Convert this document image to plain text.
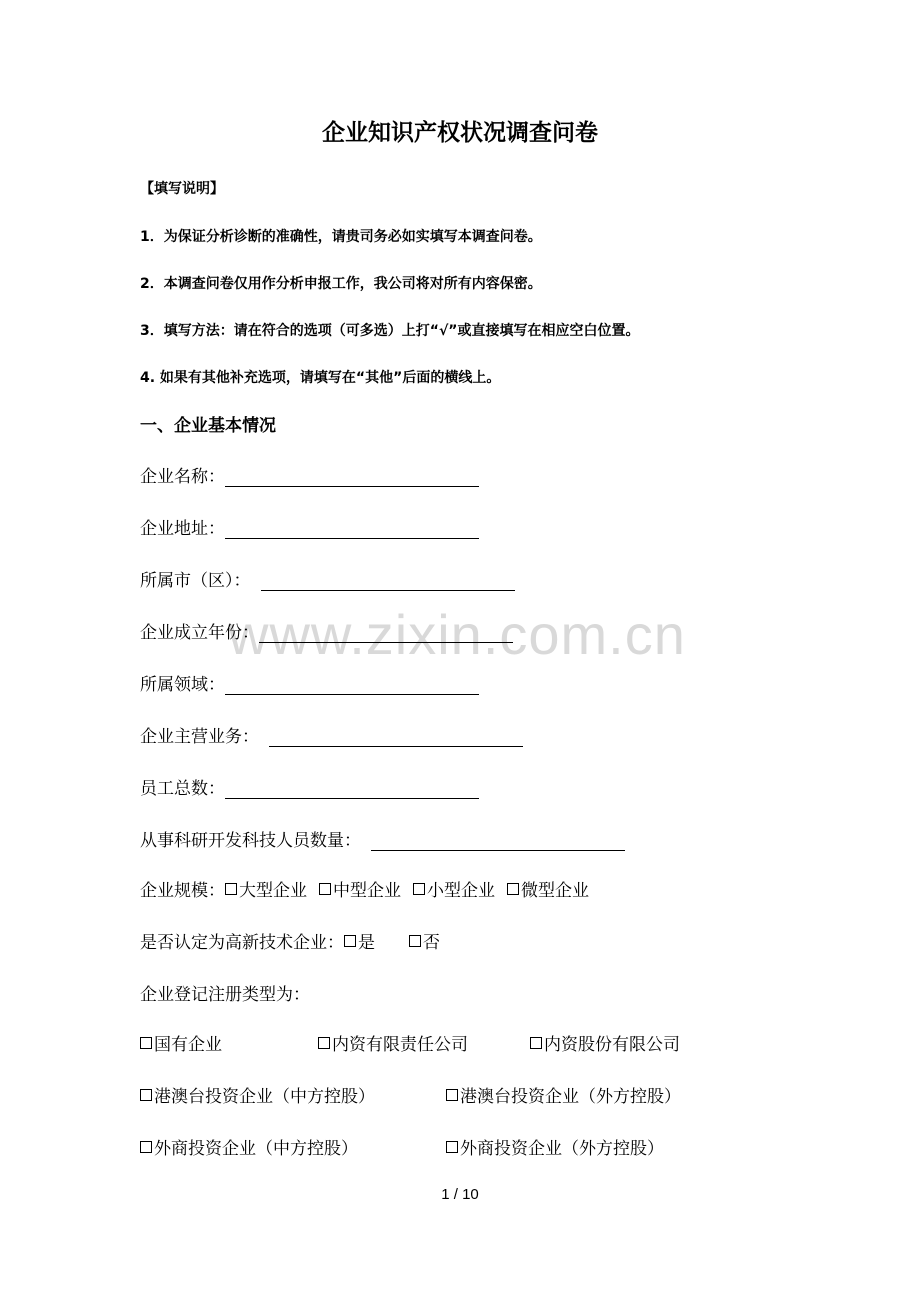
www.zixin.com.cn
企业知识产权状况调查问卷
【填写说明】
1．为保证分析诊断的准确性，请贵司务必如实填写本调查问卷。
2．本调查问卷仅用作分析申报工作，我公司将对所有内容保密。
3．填写方法：请在符合的选项（可多选）上打“√”或直接填写在相应空白位置。
4. 如果有其他补充选项，请填写在“其他”后面的横线上。
一、企业基本情况
企业名称：
企业地址：
所属市（区）：
企业成立年份：
所属领域：
企业主营业务：
员工总数：
从事科研开发科技人员数量：
企业规模： 大型企业 中型企业 小型企业 微型企业
是否认定为高新技术企业： 是	否
企业登记注册类型为：
国有企业	内资有限责任公司	内资股份有限公司
港澳台投资企业（中方控股）	港澳台投资企业（外方控股）
外商投资企业（中方控股）	外商投资企业（外方控股）
1 / 10
